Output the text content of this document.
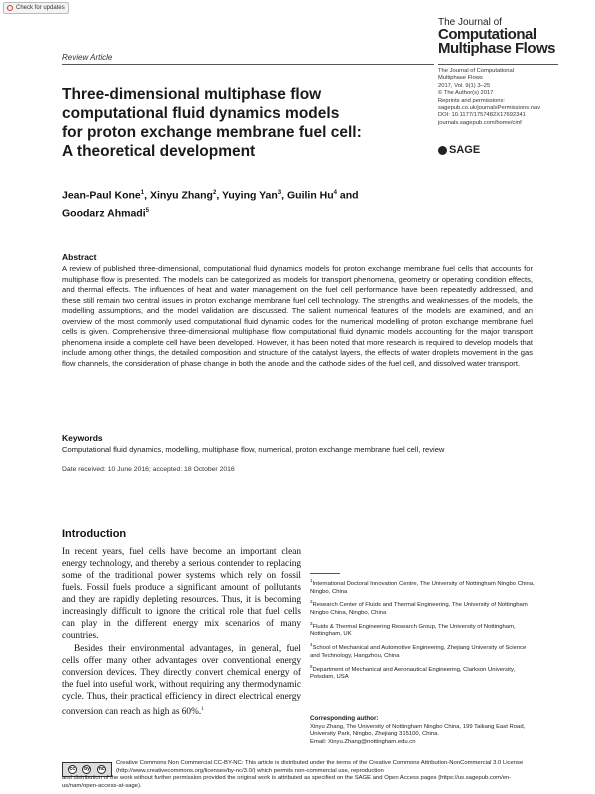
Check for updates
Review Article
The Journal of
Computational
Multiphase Flows
The Journal of Computational
Multiphase Flows
2017, Vol. 9(1) 3–25
© The Author(s) 2017
Reprints and permissions:
sagepub.co.uk/journalsPermissions.nav
DOI: 10.1177/1757482X17692341
journals.sagepub.com/home/cmf
SAGE
Three-dimensional multiphase flow computational fluid dynamics models for proton exchange membrane fuel cell: A theoretical development
Jean-Paul Kone$^1$, Xinyu Zhang$^2$, Yuying Yan$^3$, Guilin Hu$^4$ and
Goodarz Ahmadi$^5$
Abstract

A review of published three-dimensional, computational fluid dynamics models for proton exchange membrane fuel cells that accounts for multiphase flow is presented. The models can be categorized as models for transport phenomena, geometry or operating condition effects, and thermal effects. The influences of heat and water management on the fuel cell performance have been repeatedly addressed, and these still remain two central issues in proton exchange membrane fuel cell technology. The strengths and weaknesses of the models, the modelling assumptions, and the model validation are discussed. The salient numerical features of the models are examined, and an overview of the most commonly used computational fluid dynamic codes for the numerical modelling of proton exchange membrane fuel cells is given. Comprehensive three-dimensional multiphase flow computational fluid dynamic models accounting for the major transport phenomena inside a complete cell have been developed. However, it has been noted that more research is required to develop models that include among other things, the detailed composition and structure of the catalyst layers, the effects of water droplets movement in the gas flow channels, the consideration of phase change in both the anode and the cathode sides of the fuel cell, and dissolved water transport.

Keywords

Computational fluid dynamics, modelling, multiphase flow, numerical, proton exchange membrane fuel cell, review

Date received: 10 June 2016; accepted: 18 October 2016
Introduction

In recent years, fuel cells have become an important clean energy technology, and thereby a serious contender to replacing some of the traditional power systems which rely on fossil fuels. Fossil fuels produce a significant amount of pollutants and they are rapidly depleting resources. Thus, it is becoming increasingly difficult to ignore the critical role that fuel cells can play in the different energy mix scenarios of many countries.

Besides their environmental advantages, in general, fuel cells offer many other advantages over conventional energy conversion devices. They directly convert chemical energy of the fuel into useful work, without requiring any thermodynamic cycle. Thus, their practical efficiency in direct electrical energy conversion can reach as high as 60%.$^1$

$^1$International Doctoral Innovation Centre, The University of Nottingham Ningbo China, Ningbo, China
$^2$Research Center of Fluids and Thermal Engineering, The University of Nottingham Ningbo China, Ningbo, China
$^3$Fluids & Thermal Engineering Research Group, The University of Nottingham, Nottingham, UK
$^4$School of Mechanical and Automotive Engineering, Zhejiang University of Science and Technology, Hangzhou, China
$^5$Department of Mechanical and Aeronautical Engineering, Clarkson University, Potsdam, USA
Corresponding author:
Xinyu Zhang, The University of Nottingham Ningbo China, 199 Taikang East Road, University Park, Ningbo, Zhejiang 315100, China.
Email: Xinyu.Zhang@nottingham.edu.cn
cc	by	nc
Creative Commons Non Commercial CC-BY-NC: This article is distributed under the terms of the Creative Commons Attribution-NonCommercial 3.0 License (http://www.creativecommons.org/licenses/by-nc/3.0/) which permits non-commercial use, reproduction
and distribution of the work without further permission provided the original work is attributed as specified on the SAGE and Open Access pages (https://us.sagepub.com/en-us/nam/open-access-at-sage).
